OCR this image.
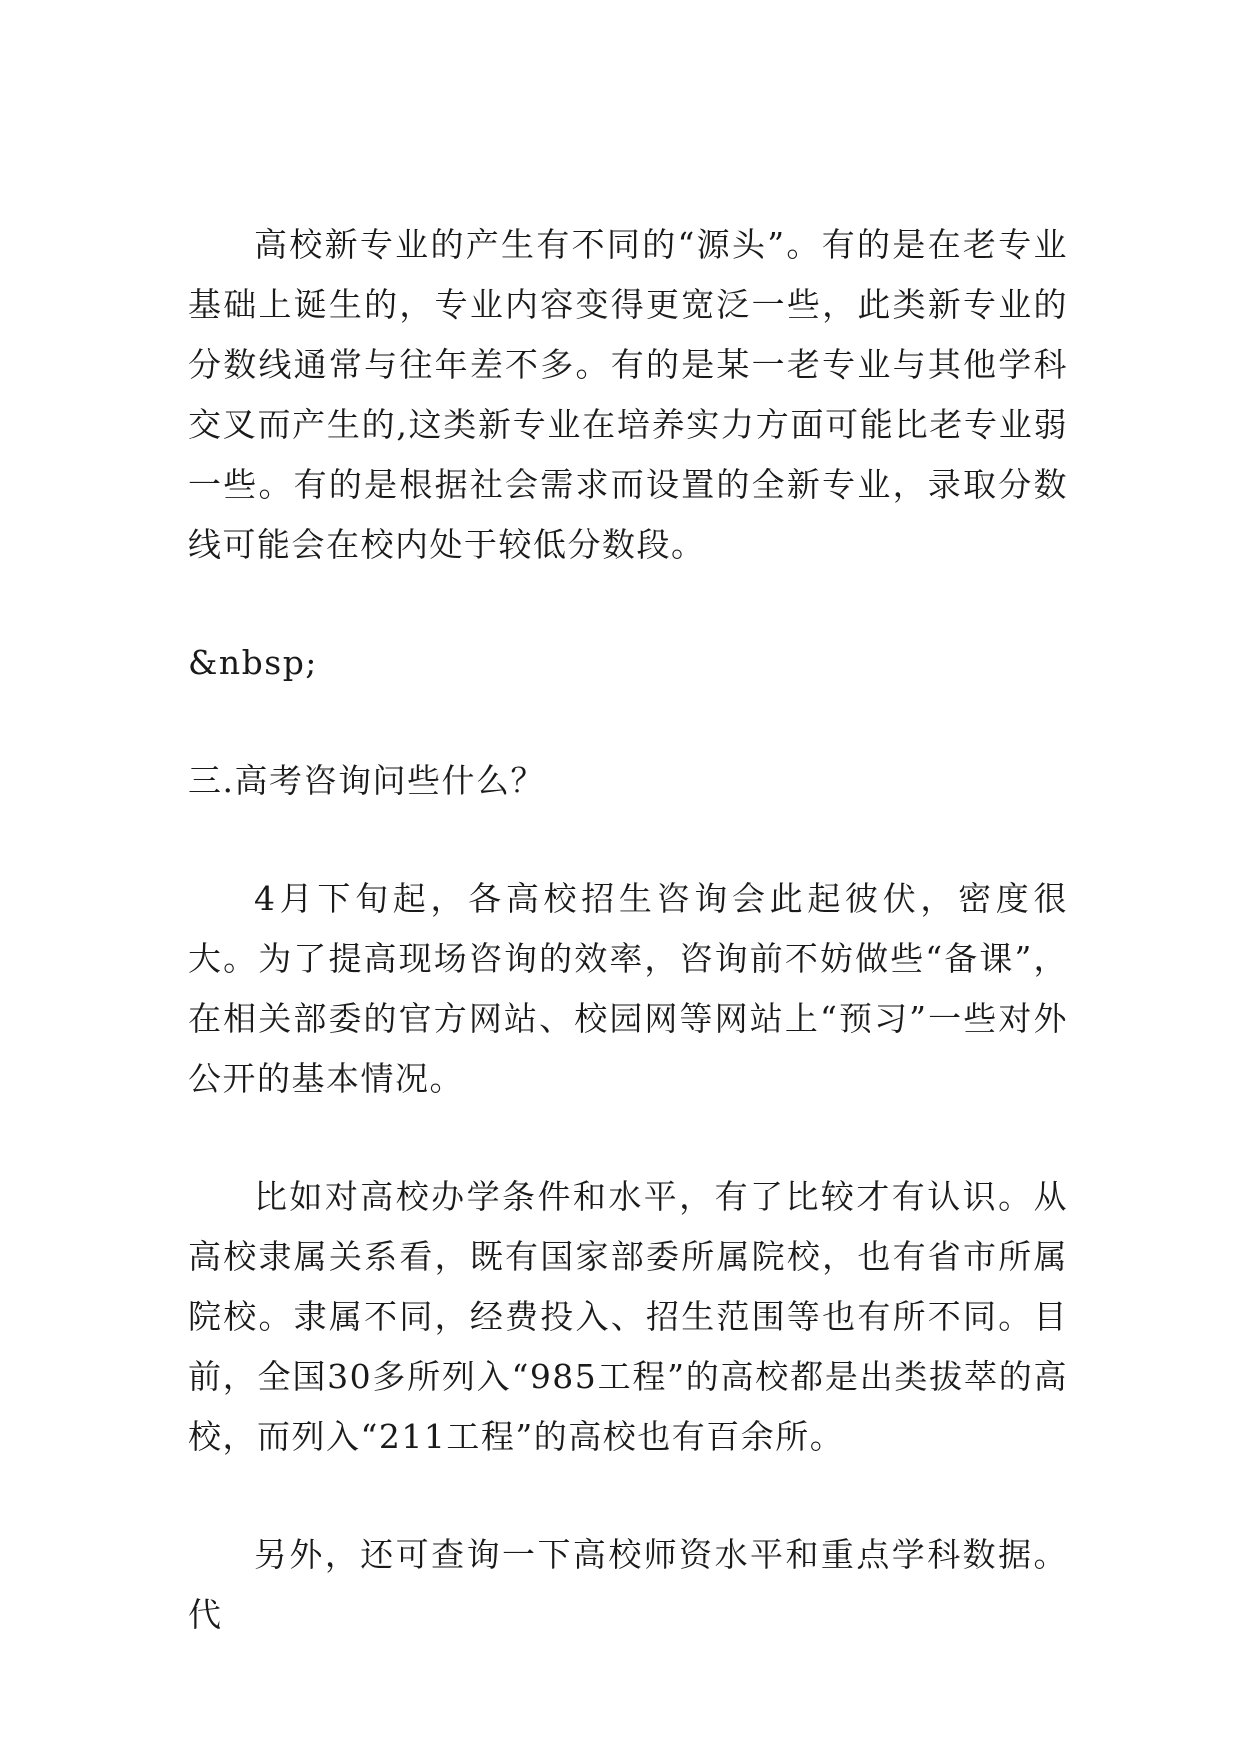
高校新专业的产生有不同的“源头”。有的是在老专业基础上诞生的，专业内容变得更宽泛一些，此类新专业的分数线通常与往年差不多。有的是某一老专业与其他学科交叉而产生的,这类新专业在培养实力方面可能比老专业弱一些。有的是根据社会需求而设置的全新专业，录取分数线可能会在校内处于较低分数段。

&nbsp;

三.高考咨询问些什么？

4月下旬起，各高校招生咨询会此起彼伏，密度很大。为了提高现场咨询的效率，咨询前不妨做些“备课”，在相关部委的官方网站、校园网等网站上“预习”一些对外公开的基本情况。

比如对高校办学条件和水平，有了比较才有认识。从高校隶属关系看，既有国家部委所属院校，也有省市所属院校。隶属不同，经费投入、招生范围等也有所不同。目前，全国30多所列入“985工程”的高校都是出类拔萃的高校，而列入“211工程”的高校也有百余所。

另外，还可查询一下高校师资水平和重点学科数据。代
